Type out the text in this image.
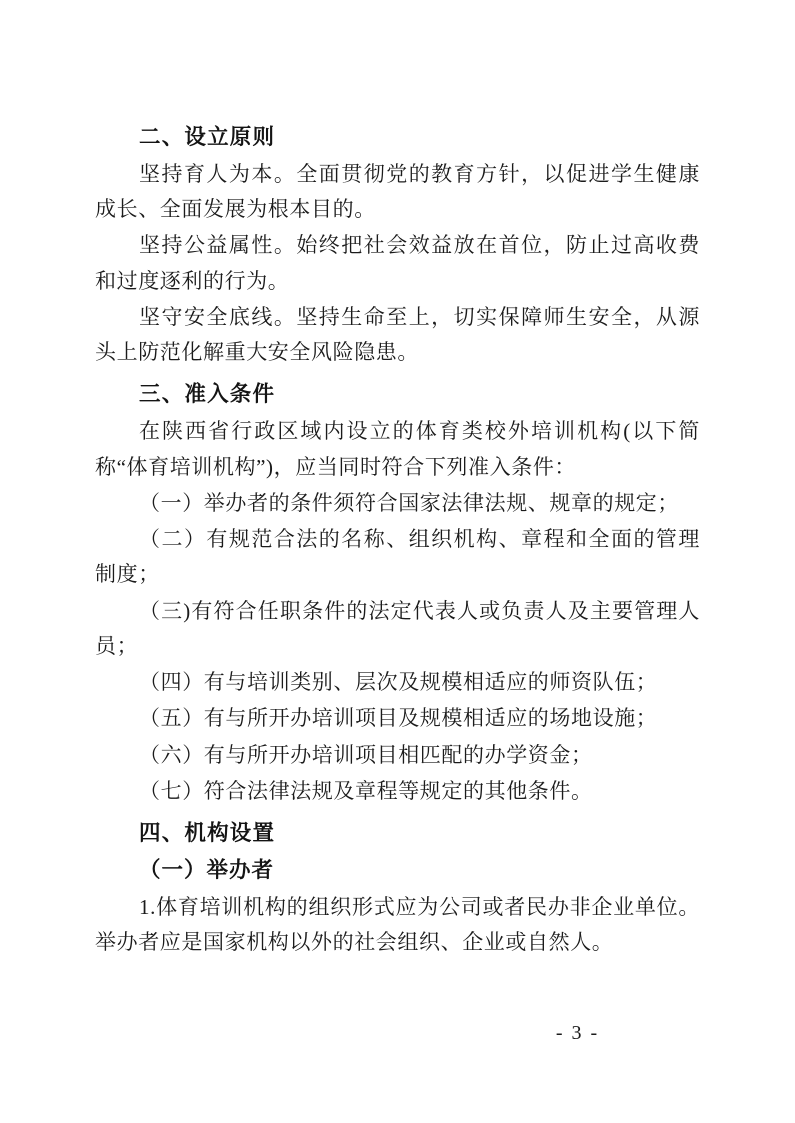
二、设立原则

坚持育人为本。全面贯彻党的教育方针，以促进学生健康成长、全面发展为根本目的。

坚持公益属性。始终把社会效益放在首位，防止过高收费和过度逐利的行为。

坚守安全底线。坚持生命至上，切实保障师生安全，从源头上防范化解重大安全风险隐患。

三、准入条件

在陕西省行政区域内设立的体育类校外培训机构(以下简称“体育培训机构”)，应当同时符合下列准入条件：

（一）举办者的条件须符合国家法律法规、规章的规定；

（二）有规范合法的名称、组织机构、章程和全面的管理制度；

（三)有符合任职条件的法定代表人或负责人及主要管理人员；

（四）有与培训类别、层次及规模相适应的师资队伍；

（五）有与所开办培训项目及规模相适应的场地设施；

（六）有与所开办培训项目相匹配的办学资金；

（七）符合法律法规及章程等规定的其他条件。

四、机构设置
（一）举办者

1.体育培训机构的组织形式应为公司或者民办非企业单位。举办者应是国家机构以外的社会组织、企业或自然人。

- 3 -
